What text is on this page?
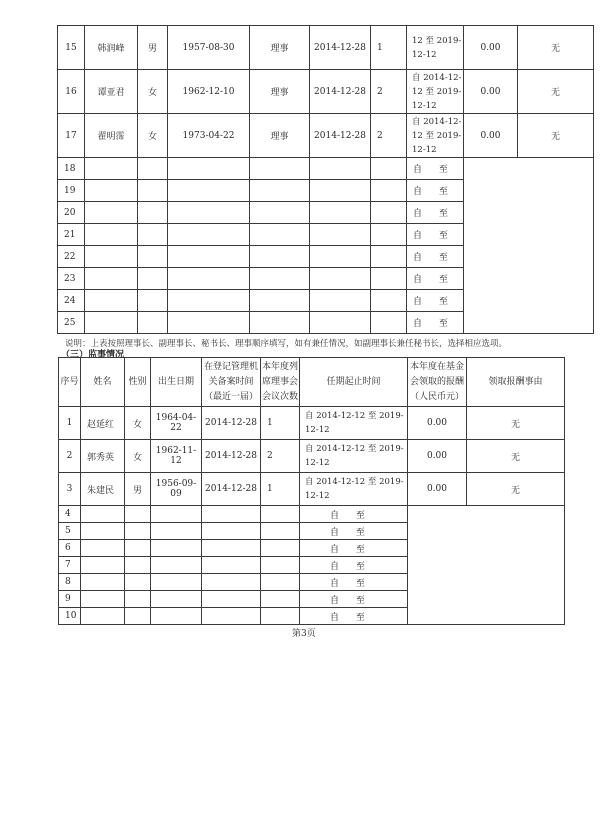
15	韩润峰	男	1957-08-30	理事	2014-12-28	1	12 至 2019-
12-12	0.00	无
16	谭亚君	女	1962-12-10	理事	2014-12-28	2	自 2014-12-
12 至 2019-
12-12	0.00	无
17	翟明霈	女	1973-04-22	理事	2014-12-28	2	自 2014-12-
12 至 2019-
12-12	0.00	无
18							自 至		
19							自 至		
20							自 至		
21							自 至		
22							自 至		
23							自 至		
24							自 至		
25							自 至		
说明：上表按照理事长、副理事长、秘书长、理事顺序填写，如有兼任情况，如副理事长兼任秘书长，选择相应选项。
（三）监事情况
序号	姓名	性别	出生日期	在登记管理机关备案时间（最近一届）	本年度列席理事会会议次数	任期起止时间	本年度在基金会领取的报酬（人民币元）	领取报酬事由
1	赵延红	女	1964-04-22	2014-12-28	1	自 2014-12-12 至 2019-
12-12	0.00	无
2	郭秀英	女	1962-11-12	2014-12-28	2	自 2014-12-12 至 2019-
12-12	0.00	无
3	朱建民	男	1956-09-09	2014-12-28	1	自 2014-12-12 至 2019-
12-12	0.00	无
4						自 至		
5						自 至		
6						自 至		
7						自 至		
8						自 至		
9						自 至		
10						自 至		
第3页
